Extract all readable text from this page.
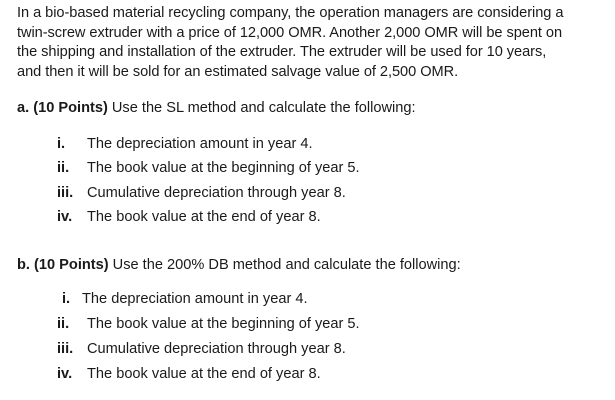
In a bio-based material recycling company, the operation managers are considering a
twin-screw extruder with a price of 12,000 OMR. Another 2,000 OMR will be spent on
the shipping and installation of the extruder. The extruder will be used for 10 years,
and then it will be sold for an estimated salvage value of 2,500 OMR.

a. (10 Points) Use the SL method and calculate the following:

i. The depreciation amount in year 4.
ii. The book value at the beginning of year 5.
iii. Cumulative depreciation through year 8.
iv. The book value at the end of year 8.

b. (10 Points) Use the 200% DB method and calculate the following:

i. The depreciation amount in year 4.
ii. The book value at the beginning of year 5.
iii. Cumulative depreciation through year 8.
iv. The book value at the end of year 8.
